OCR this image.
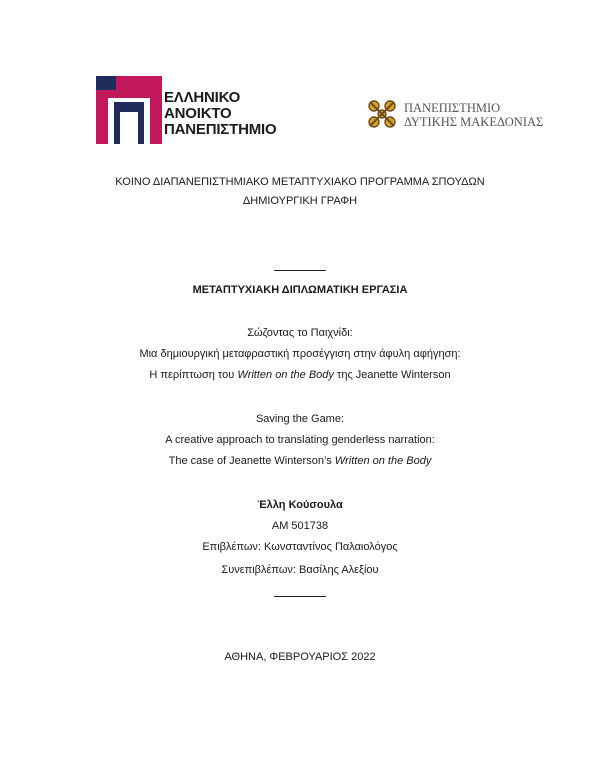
ΕΛΛΗΝΙΚΟ
ΑΝΟΙΚΤΟ
ΠΑΝΕΠΙΣΤΗΜΙΟ
ΠΑΝΕΠΙΣΤΗΜΙΟ
ΔΥΤΙΚΗΣ ΜΑΚΕΔΟΝΙΑΣ
ΚΟΙΝΟ ΔΙΑΠΑΝΕΠΙΣΤΗΜΙΑΚΟ ΜΕΤΑΠΤΥΧΙΑΚΟ ΠΡΟΓΡΑΜΜΑ ΣΠΟΥΔΩΝ
ΔΗΜΙΟΥΡΓΙΚΗ ΓΡΑΦΗ
ΜΕΤΑΠΤΥΧΙΑΚΗ ΔΙΠΛΩΜΑΤΙΚΗ ΕΡΓΑΣΙΑ
Σώζοντας το Παιχνίδι:
Μια δημιουργική μεταφραστική προσέγγιση στην άφυλη αφήγηση:
Η περίπτωση του Written on the Body της Jeanette Winterson
Saving the Game:
A creative approach to translating genderless narration:
The case of Jeanette Winterson’s Written on the Body
Έλλη Κούσουλα
ΑΜ 501738
Επιβλέπων: Κωνσταντίνος Παλαιολόγος
Συνεπιβλέπων: Βασίλης Αλεξίου
ΑΘΗΝΑ, ΦΕΒΡΟΥΑΡΙΟΣ 2022
